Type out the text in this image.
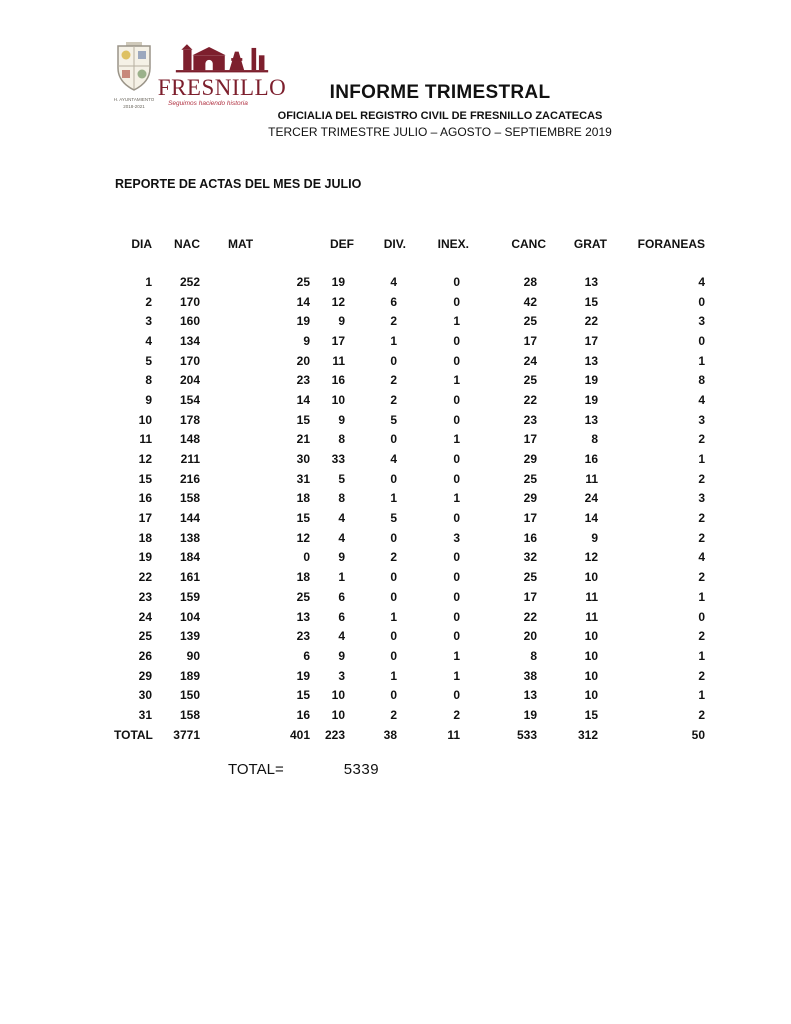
H. AYUNTAMIENTO
2018-2021
FRESNILLO
Seguimos haciendo historia
INFORME TRIMESTRAL
OFICIALIA DEL REGISTRO CIVIL DE FRESNILLO ZACATECAS
TERCER TRIMESTRE JULIO – AGOSTO – SEPTIEMBRE 2019
REPORTE DE ACTAS DEL MES DE JULIO
DIA	NAC	MAT	DEF	DIV.	INEX.	CANC	GRAT	FORANEAS
1	252	25	19	4	0	28	13	4
2	170	14	12	6	0	42	15	0
3	160	19	9	2	1	25	22	3
4	134	9	17	1	0	17	17	0
5	170	20	11	0	0	24	13	1
8	204	23	16	2	1	25	19	8
9	154	14	10	2	0	22	19	4
10	178	15	9	5	0	23	13	3
11	148	21	8	0	1	17	8	2
12	211	30	33	4	0	29	16	1
15	216	31	5	0	0	25	11	2
16	158	18	8	1	1	29	24	3
17	144	15	4	5	0	17	14	2
18	138	12	4	0	3	16	9	2
19	184	0	9	2	0	32	12	4
22	161	18	1	0	0	25	10	2
23	159	25	6	0	0	17	11	1
24	104	13	6	1	0	22	11	0
25	139	23	4	0	0	20	10	2
26	90	6	9	0	1	8	10	1
29	189	19	3	1	1	38	10	2
30	150	15	10	0	0	13	10	1
31	158	16	10	2	2	19	15	2
TOTAL	3771	401	223	38	11	533	312	50
TOTAL=	5339
